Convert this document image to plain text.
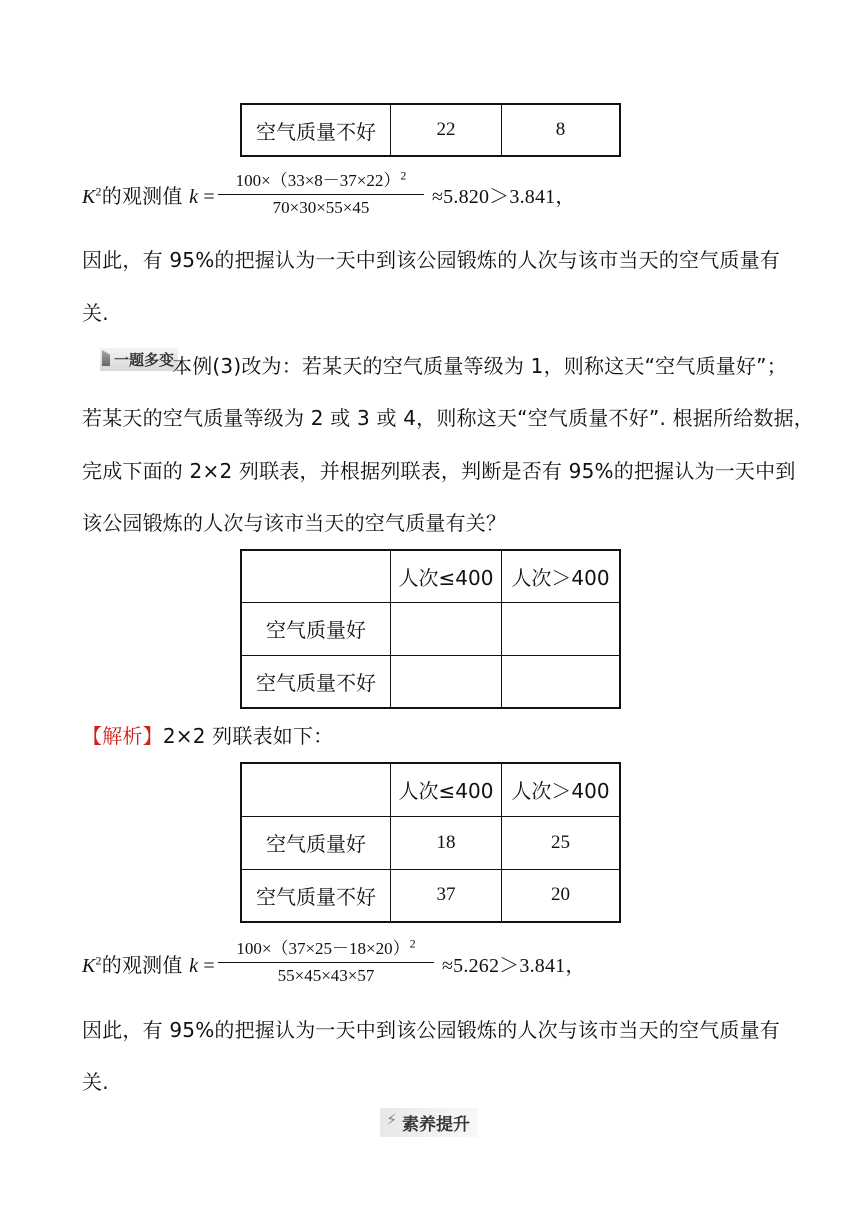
空气质量不好	22	8
$K^2$的观测值 k =
$100\times(33\times 8-37\times 22)^2$
70×30×55×45	≈5.820＞3.841，
因此，有 95%的把握认为一天中到该公园锻炼的人次与该市当天的空气质量有
关.
一题多变
本例(3)改为：若某天的空气质量等级为 1，则称这天“空气质量好”；
若某天的空气质量等级为 2 或 3 或 4，则称这天“空气质量不好”. 根据所给数据，
完成下面的 2×2 列联表，并根据列联表，判断是否有 95%的把握认为一天中到
该公园锻炼的人次与该市当天的空气质量有关？
	人次≤400	人次＞400
空气质量好		
空气质量不好		
【解析】2×2 列联表如下：
	人次≤400	人次＞400
空气质量好	18	25
空气质量不好	37	20
$K^2$的观测值 k =
$100\times(37\times 25-18\times 20)^2$
55×45×43×57	≈5.262＞3.841，
因此，有 95%的把握认为一天中到该公园锻炼的人次与该市当天的空气质量有
关.
⚡ 素养提升
